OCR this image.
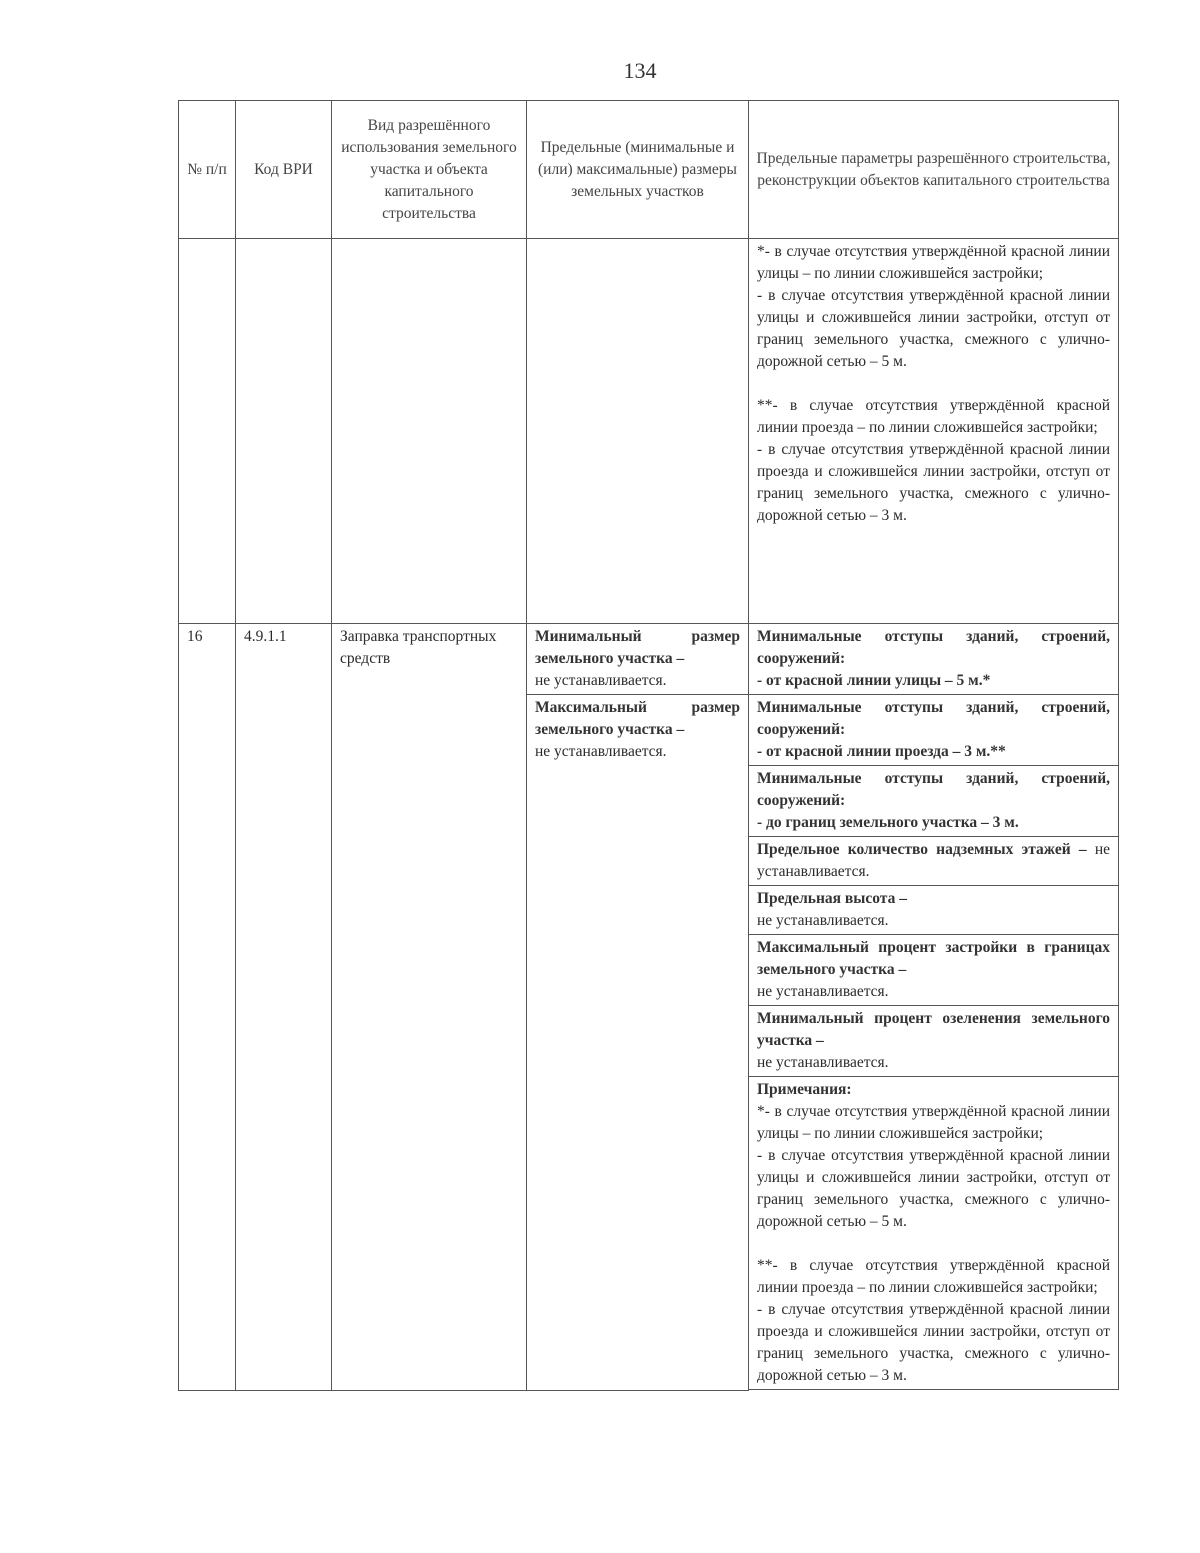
134
№ п/п	Код ВРИ	Вид разрешённого использования земельного участка и объекта капитального строительства	Предельные (минимальные и (или) максимальные) размеры земельных участков	Предельные параметры разрешённого строительства, реконструкции объектов капитального строительства

				*- в случае отсутствия утверждённой красной линии улицы – по линии сложившейся застройки;
- в случае отсутствия утверждённой красной линии улицы и сложившейся линии застройки, отступ от границ земельного участка, смежного с улично-дорожной сетью – 5 м.
**- в случае отсутствия утверждённой красной линии проезда – по линии сложившейся застройки;
- в случае отсутствия утверждённой красной линии проезда и сложившейся линии застройки, отступ от границ земельного участка, смежного с улично-дорожной сетью – 3 м.

16	4.9.1.1	Заправка транспортных средств	Минимальный размер земельного участка –
не устанавливается.	Минимальные отступы зданий, строений, сооружений:
- от красной линии улицы – 5 м.*

			Максимальный размер земельного участка –
не устанавливается.	Минимальные отступы зданий, строений, сооружений:
- от красной линии проезда – 3 м.**

				Минимальные отступы зданий, строений, сооружений:
- до границ земельного участка – 3 м.

				Предельное количество надземных этажей – не устанавливается.

				Предельная высота –
не устанавливается.

				Максимальный процент застройки в границах земельного участка –
не устанавливается.

				Минимальный процент озеленения земельного участка –
не устанавливается.

				Примечания:
*- в случае отсутствия утверждённой красной линии улицы – по линии сложившейся застройки;
- в случае отсутствия утверждённой красной линии улицы и сложившейся линии застройки, отступ от границ земельного участка, смежного с улично-дорожной сетью – 5 м.
**- в случае отсутствия утверждённой красной линии проезда – по линии сложившейся застройки;
- в случае отсутствия утверждённой красной линии проезда и сложившейся линии застройки, отступ от границ земельного участка, смежного с улично-дорожной сетью – 3 м.
